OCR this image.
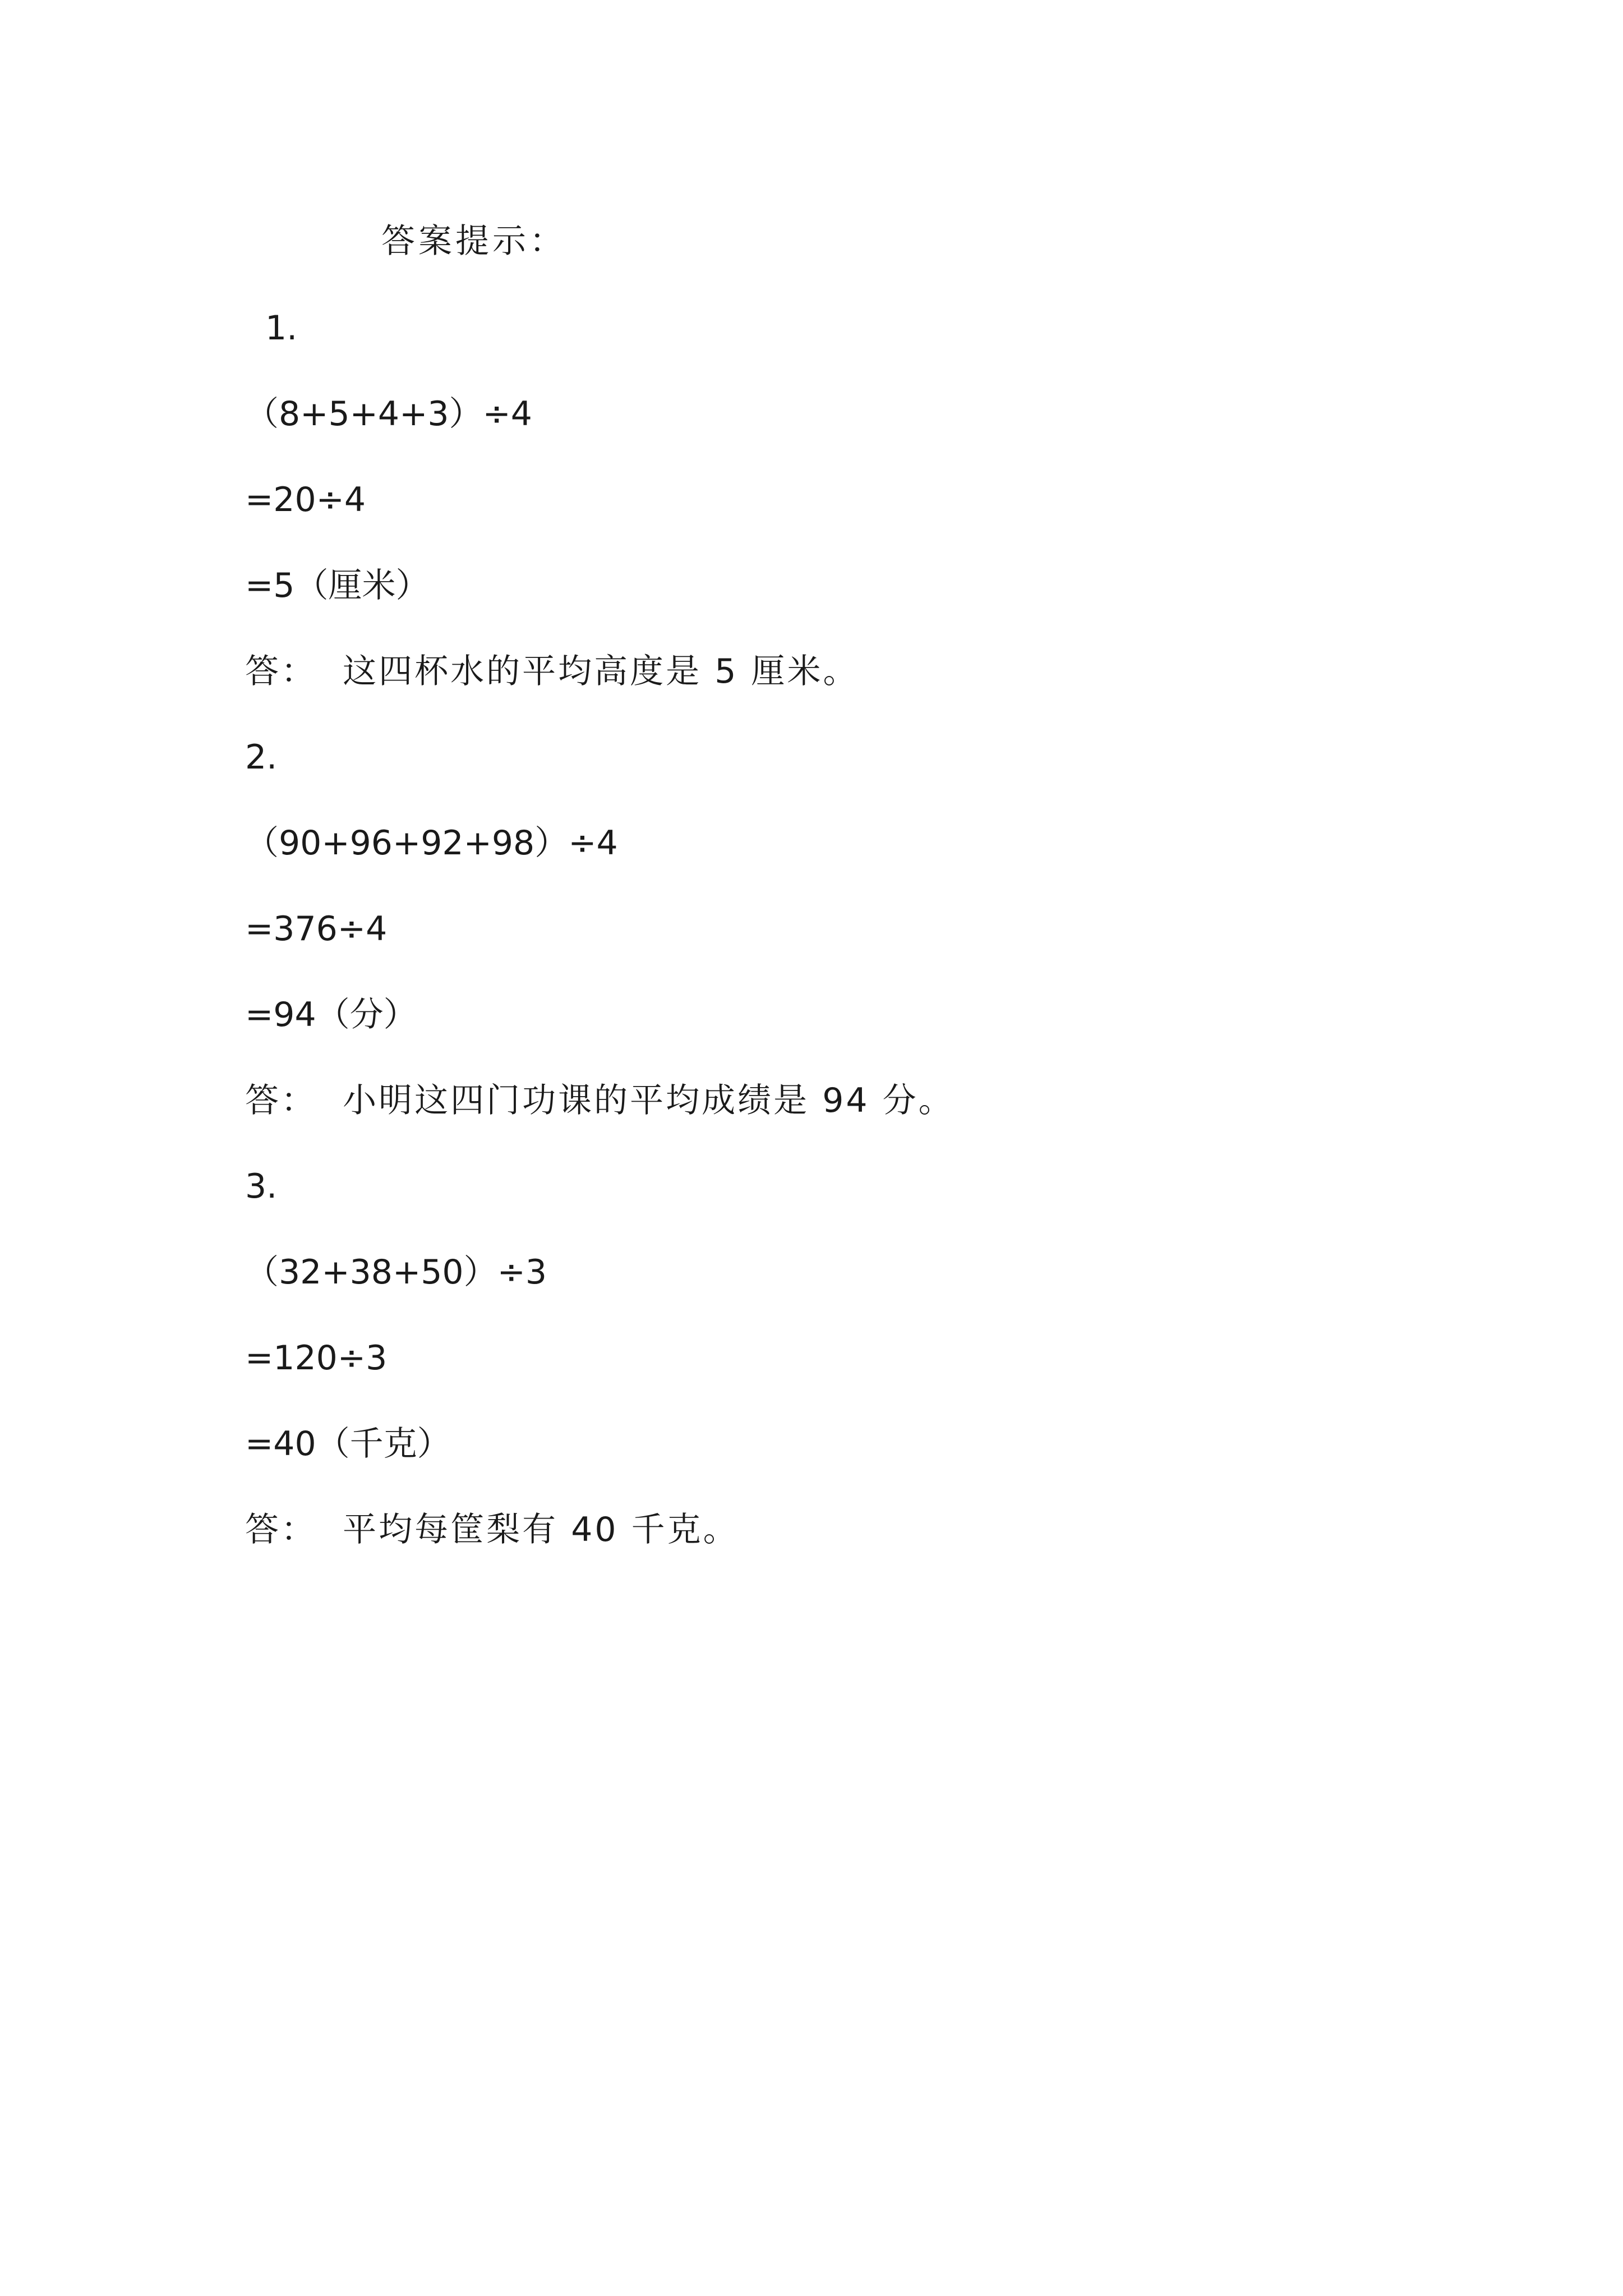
答案提示：
1.
（8+5+4+3）÷4
=20÷4
=5（厘米）
答：  这四杯水的平均高度是 5 厘米。
2.
（90+96+92+98）÷4
=376÷4
=94（分）
答：  小明这四门功课的平均成绩是 94 分。
3.
（32+38+50）÷3
=120÷3
=40（千克）
答：  平均每筐梨有 40 千克。
